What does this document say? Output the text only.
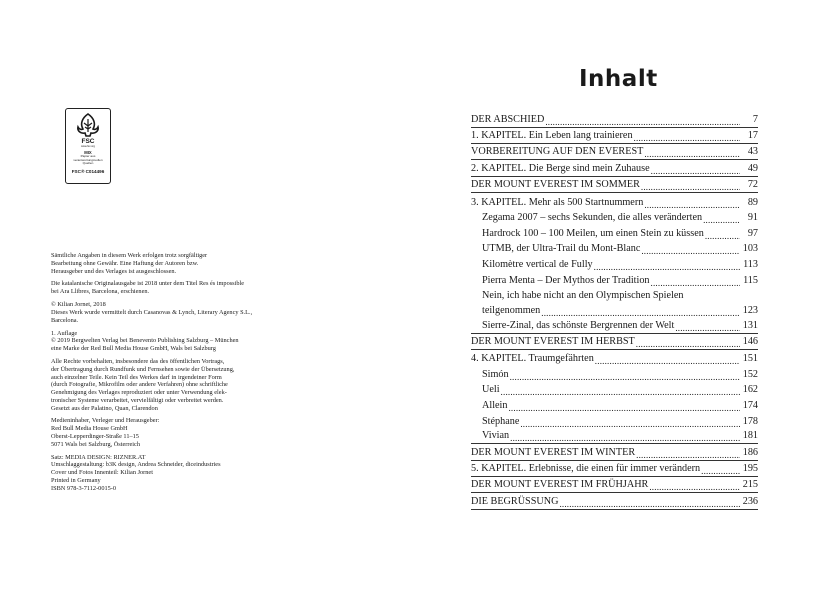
FSC
www.fsc.org
MIX
Papier aus verantwortungsvollen Quellen
FSC® C014496

Sämtliche Angaben in diesem Werk erfolgen trotz sorgfältiger
Bearbeitung ohne Gewähr. Eine Haftung der Autoren bzw.
Herausgeber und des Verlages ist ausgeschlossen.

Die katalanische Originalausgabe ist 2018 unter dem Titel Res és impossible
bei Ara Llibres, Barcelona, erschienen.

© Kilian Jornet, 2018
Dieses Werk wurde vermittelt durch Casanovas & Lynch, Literary Agency S.L.,
Barcelona.

1. Auflage
© 2019 Bergwelten Verlag bei Benevento Publishing Salzburg – München
eine Marke der Red Bull Media House GmbH, Wals bei Salzburg

Alle Rechte vorbehalten, insbesondere das des öffentlichen Vortrags,
der Übertragung durch Rundfunk und Fernsehen sowie der Übersetzung,
auch einzelner Teile. Kein Teil des Werkes darf in irgendeiner Form
(durch Fotografie, Mikrofilm oder andere Verfahren) ohne schriftliche
Genehmigung des Verlages reproduziert oder unter Verwendung elek-
tronischer Systeme verarbeitet, vervielfältigt oder verbreitet werden.
Gesetzt aus der Palatino, Quan, Clarendon

Medieninhaber, Verleger und Herausgeber:
Red Bull Media House GmbH
Oberst-Lepperdinger-Straße 11–15
5071 Wals bei Salzburg, Österreich

Satz: MEDIA DESIGN: RIZNER.AT
Umschlaggestaltung: b3K design, Andrea Schneider, diceindustries
Cover und Fotos Innenteil: Kilian Jornet
Printed in Germany
ISBN 978-3-7112-0015-0

Inhalt
DER ABSCHIED .....	7
1. KAPITEL. Ein Leben lang trainieren .....	17
VORBEREITUNG AUF DEN EVEREST .....	43
2. KAPITEL. Die Berge sind mein Zuhause .....	49
DER MOUNT EVEREST IM SOMMER .....	72
3. KAPITEL. Mehr als 500 Startnummern .....	89
Zegama 2007 – sechs Sekunden, die alles veränderten .....	91
Hardrock 100 – 100 Meilen, um einen Stein zu küssen .....	97
UTMB, der Ultra-Trail du Mont-Blanc .....	103
Kilomètre vertical de Fully .....	113
Pierra Menta – Der Mythos der Tradition .....	115
Nein, ich habe nicht an den Olympischen Spielen
teilgenommen .....	123
Sierre-Zinal, das schönste Bergrennen der Welt .....	131
DER MOUNT EVEREST IM HERBST .....	146
4. KAPITEL. Traumgefährten .....	151
Simón .....	152
Ueli .....	162
Allein .....	174
Stéphane .....	178
Vivian .....	181
DER MOUNT EVEREST IM WINTER .....	186
5. KAPITEL. Erlebnisse, die einen für immer verändern .....	195
DER MOUNT EVEREST IM FRÜHJAHR .....	215
DIE BEGRÜSSUNG .....	236
